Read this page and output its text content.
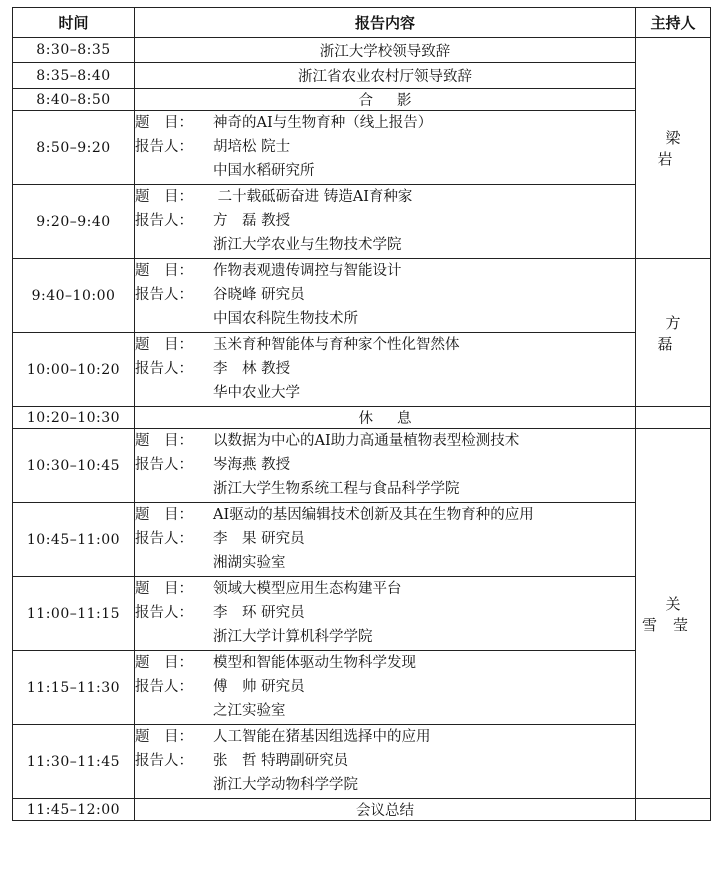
时间	报告内容	主持人
8:30–8:35	浙江大学校领导致辞	梁 岩
8:35–8:40	浙江省农业农村厅领导致辞	
8:40–8:50	合影	
8:50–9:20	题　目： 神奇的AI与生物育种（线上报告）
报告人： 胡培松 院士
中国水稻研究所	

9:20–9:40	题　目： 二十载砥砺奋进 铸造AI育种家
报告人： 方　磊 教授
浙江大学农业与生物技术学院	

9:40–10:00	题　目： 作物表观遗传调控与智能设计
报告人： 谷晓峰 研究员
中国农科院生物技术所	方 磊
10:00–10:20	题　目： 玉米育种智能体与育种家个性化智然体
报告人： 李　林 教授
华中农业大学	

10:20–10:30	休息	
10:30–10:45	题　目： 以数据为中心的AI助力高通量植物表型检测技术
报告人： 岑海燕 教授
浙江大学生物系统工程与食品科学学院	关雪莹
10:45–11:00	题　目： AI驱动的基因编辑技术创新及其在生物育种的应用
报告人： 李　果 研究员
湘湖实验室	

11:00–11:15	题　目： 领域大模型应用生态构建平台
报告人： 李　环 研究员
浙江大学计算机科学学院	

11:15–11:30	题　目： 模型和智能体驱动生物科学发现
报告人： 傅　帅 研究员
之江实验室	

11:30–11:45	题　目： 人工智能在猪基因组选择中的应用
报告人： 张　哲 特聘副研究员
浙江大学动物科学学院	

11:45–12:00	会议总结	
